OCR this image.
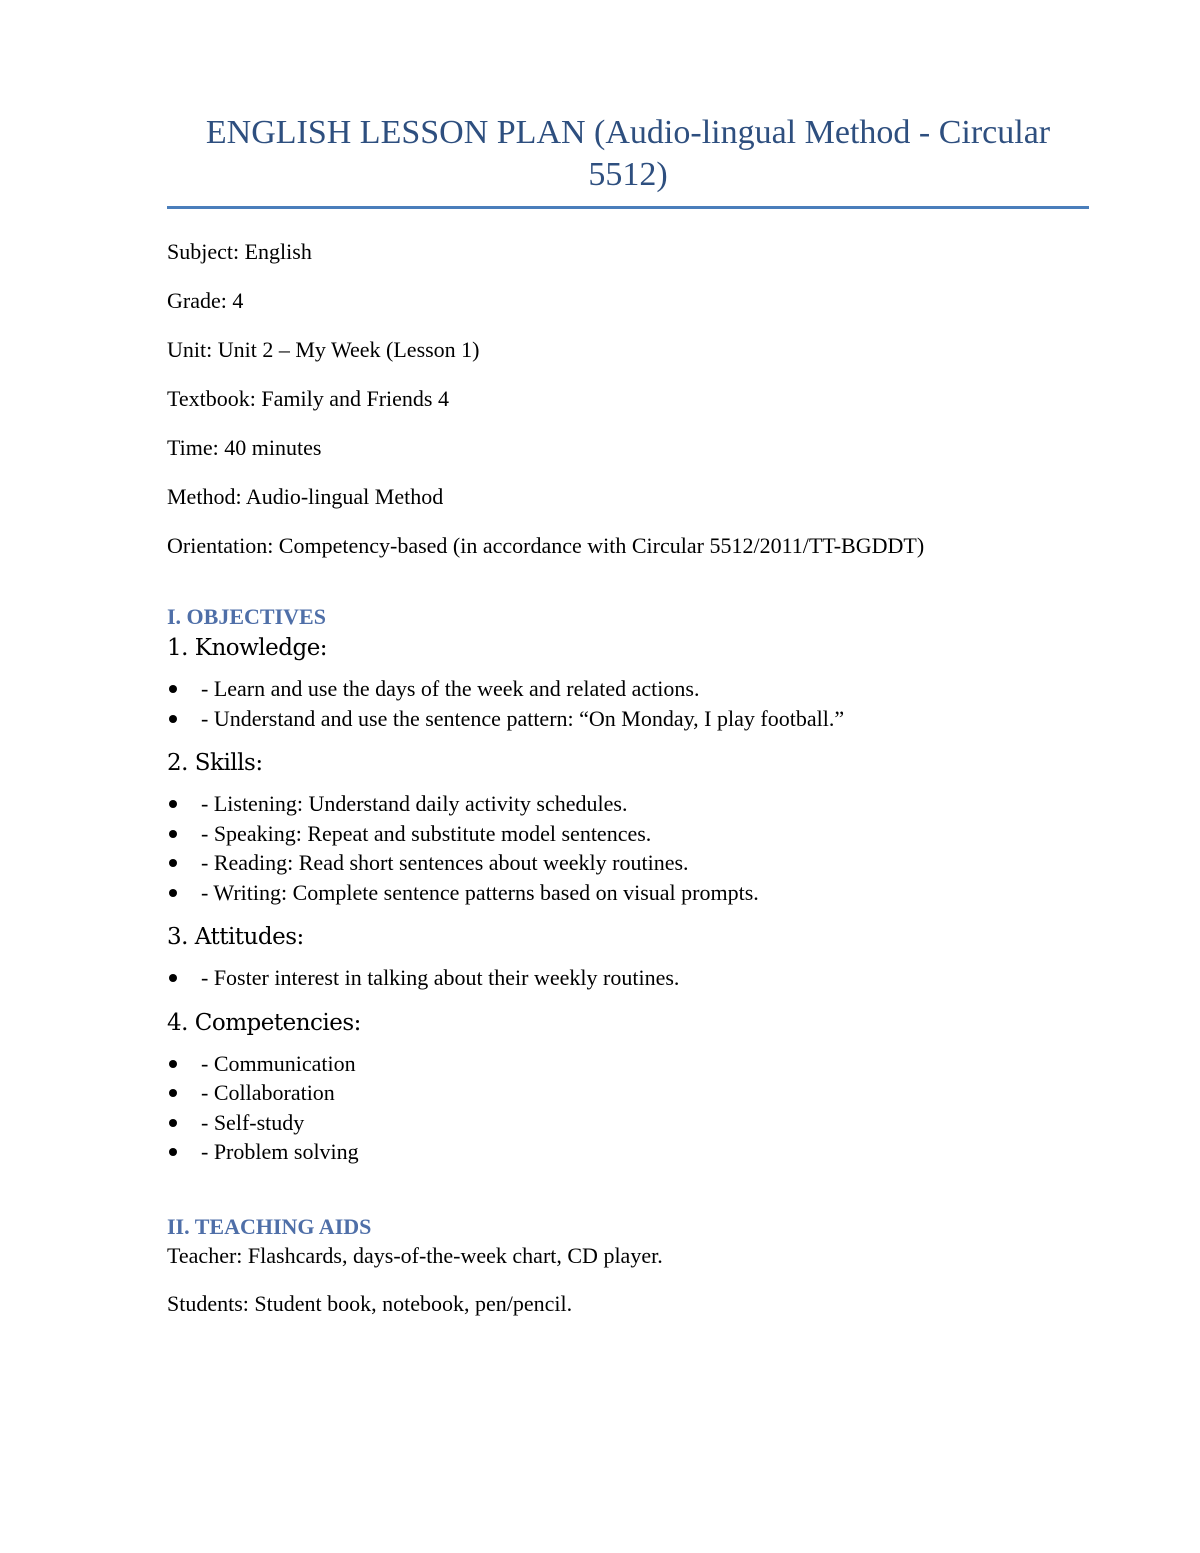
ENGLISH LESSON PLAN (Audio-lingual Method - Circular 5512)

Subject: English

Grade: 4

Unit: Unit 2 – My Week (Lesson 1)

Textbook: Family and Friends 4

Time: 40 minutes

Method: Audio-lingual Method

Orientation: Competency-based (in accordance with Circular 5512/2011/TT-BGDDT)

I. OBJECTIVES

1. Knowledge:

- Learn and use the days of the week and related actions.
- Understand and use the sentence pattern: “On Monday, I play football.”

2. Skills:

- Listening: Understand daily activity schedules.
- Speaking: Repeat and substitute model sentences.
- Reading: Read short sentences about weekly routines.
- Writing: Complete sentence patterns based on visual prompts.

3. Attitudes:

- Foster interest in talking about their weekly routines.

4. Competencies:

- Communication
- Collaboration
- Self-study
- Problem solving
II. TEACHING AIDS

Teacher: Flashcards, days-of-the-week chart, CD player.

Students: Student book, notebook, pen/pencil.
